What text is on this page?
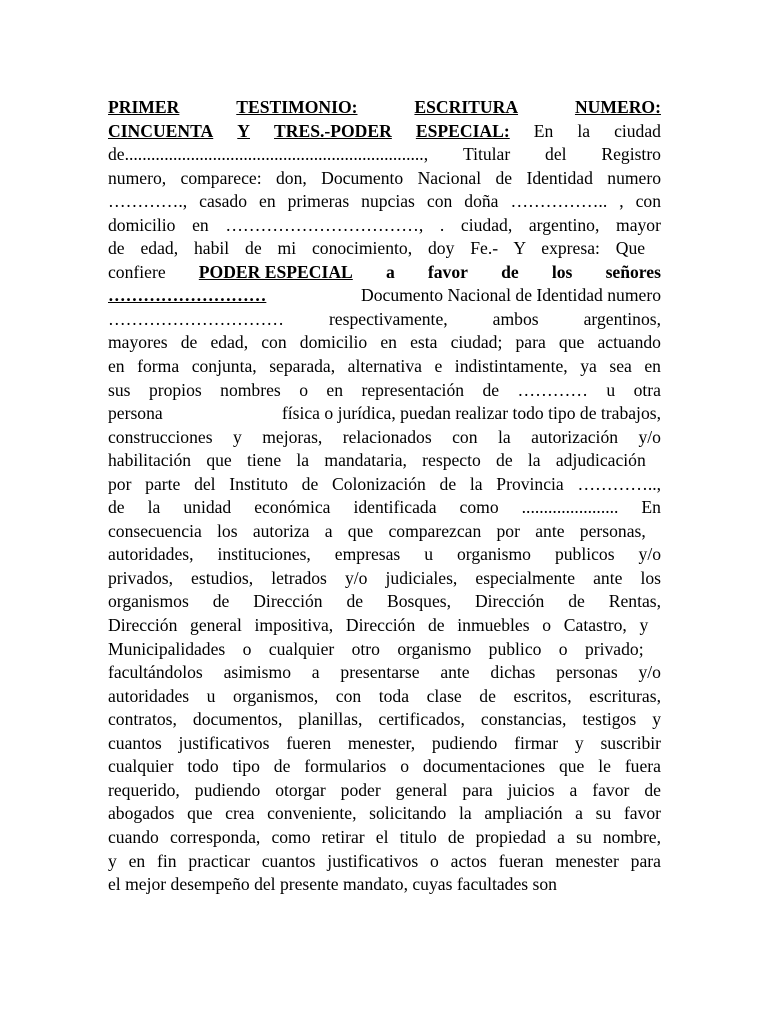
PRIMER	TESTIMONIO:	ESCRITURA	NUMERO:
CINCUENTA Y TRES.-PODER ESPECIAL: En la ciudad
de...................................................................., Titular del Registro
numero, comparece: don, Documento Nacional de Identidad numero
…………., casado en primeras nupcias con doña …………….. , con
domicilio en ……………………………, . ciudad, argentino, mayor
de edad, habil de mi conocimiento, doy Fe.- Y expresa: Que
confiere PODER ESPECIAL a favor de los señores
………………………	Documento Nacional de Identidad numero
…………………………	respectivamente,	ambos	argentinos,
mayores de edad, con domicilio en esta ciudad; para que actuando
en forma conjunta, separada, alternativa e indistintamente, ya sea en
sus propios nombres o en representación de ………… u otra
persona	física o jurídica, puedan realizar todo tipo de trabajos,
construcciones y mejoras, relacionados con la autorización y/o
habilitación que tiene la mandataria, respecto de la adjudicación
por parte del Instituto de Colonización de la Provincia …………..,
de la unidad económica identificada como ...................... En
consecuencia los autoriza a que comparezcan por ante personas,
autoridades, instituciones, empresas u organismo publicos y/o
privados, estudios, letrados y/o judiciales, especialmente ante los
organismos de Dirección de Bosques, Dirección de Rentas,
Dirección general impositiva, Dirección de inmuebles o Catastro, y
Municipalidades o cualquier otro organismo publico o privado;
facultándolos asimismo a presentarse ante dichas personas y/o
autoridades u organismos, con toda clase de escritos, escrituras,
contratos, documentos, planillas, certificados, constancias, testigos y
cuantos justificativos fueren menester, pudiendo firmar y suscribir
cualquier todo tipo de formularios o documentaciones que le fuera
requerido, pudiendo otorgar poder general para juicios a favor de
abogados que crea conveniente, solicitando la ampliación a su favor
cuando corresponda, como retirar el titulo de propiedad a su nombre,
y en fin practicar cuantos justificativos o actos fueran menester para
el mejor desempeño del presente mandato, cuyas facultades son
